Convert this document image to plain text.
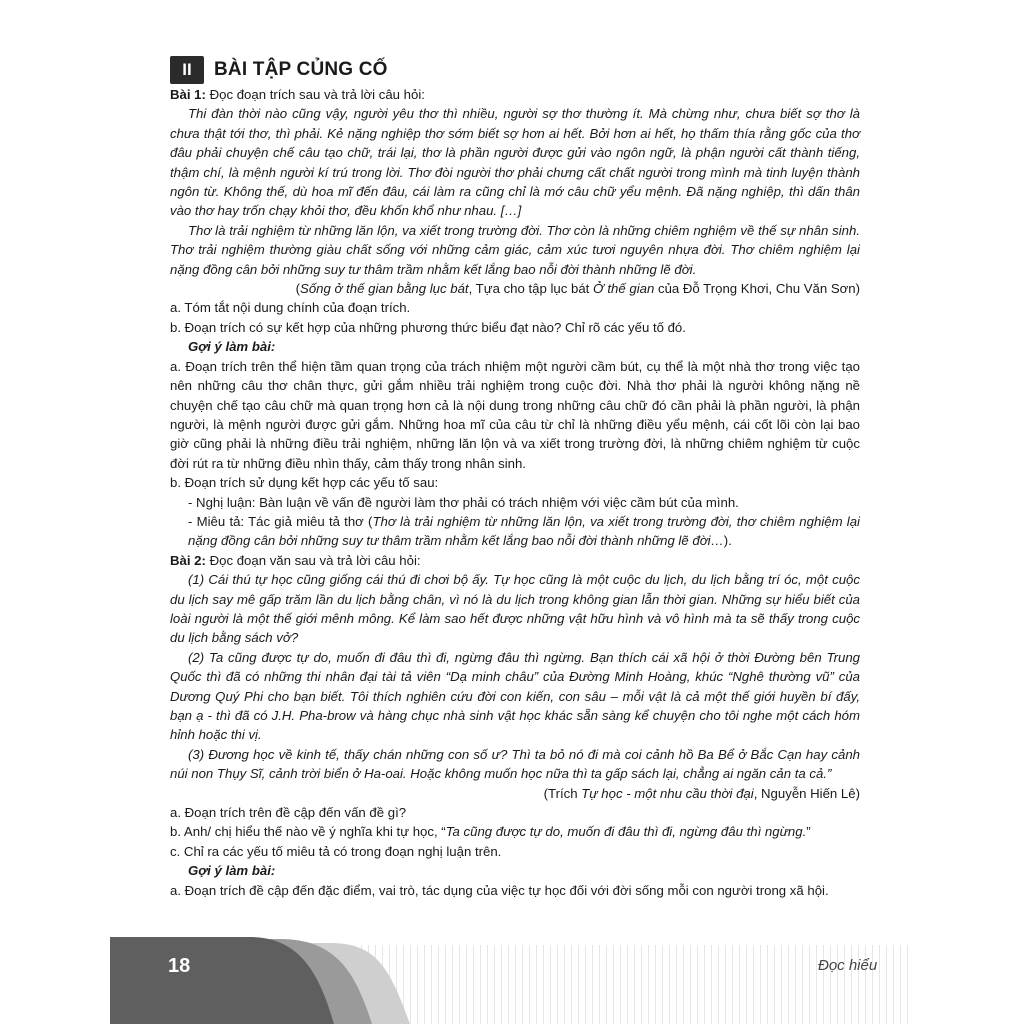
II	BÀI TẬP CỦNG CỐ

Bài 1: Đọc đoạn trích sau và trả lời câu hỏi:

Thi đàn thời nào cũng vậy, người yêu thơ thì nhiều, người sợ thơ thường ít. Mà chừng như, chưa biết sợ thơ là chưa thật tới thơ, thì phải. Kẻ nặng nghiệp thơ sớm biết sợ hơn ai hết. Bởi hơn ai hết, họ thấm thía rằng gốc của thơ đâu phải chuyện chế câu tạo chữ, trái lại, thơ là phần người được gửi vào ngôn ngữ, là phận người cất thành tiếng, thậm chí, là mệnh người kí trú trong lời. Thơ đòi người thơ phải chưng cất chất người trong mình mà tinh luyện thành ngôn từ. Không thế, dù hoa mĩ đến đâu, cái làm ra cũng chỉ là mớ câu chữ yểu mệnh. Đã nặng nghiệp, thì dấn thân vào thơ hay trốn chạy khỏi thơ, đều khốn khổ như nhau. […]

Thơ là trải nghiệm từ những lăn lộn, va xiết trong trường đời. Thơ còn là những chiêm nghiệm về thế sự nhân sinh. Thơ trải nghiệm thường giàu chất sống với những cảm giác, cảm xúc tươi nguyên nhựa đời. Thơ chiêm nghiệm lại nặng đồng cân bởi những suy tư thâm trầm nhằm kết lắng bao nỗi đời thành những lẽ đời.

(Sống ở thế gian bằng lục bát, Tựa cho tập lục bát Ở thế gian của Đỗ Trọng Khơi, Chu Văn Sơn)

a. Tóm tắt nội dung chính của đoạn trích.

b. Đoạn trích có sự kết hợp của những phương thức biểu đạt nào? Chỉ rõ các yếu tố đó.

Gợi ý làm bài:

a. Đoạn trích trên thể hiện tầm quan trọng của trách nhiệm một người cầm bút, cụ thể là một nhà thơ trong việc tạo nên những câu thơ chân thực, gửi gắm nhiều trải nghiệm trong cuộc đời. Nhà thơ phải là người không nặng nề chuyện chế tạo câu chữ mà quan trọng hơn cả là nội dung trong những câu chữ đó cần phải là phần người, là phận người, là mệnh người được gửi gắm. Những hoa mĩ của câu từ chỉ là những điều yểu mệnh, cái cốt lõi còn lại bao giờ cũng phải là những điều trải nghiệm, những lăn lộn và va xiết trong trường đời, là những chiêm nghiệm từ cuộc đời rút ra từ những điều nhìn thấy, cảm thấy trong nhân sinh.

b. Đoạn trích sử dụng kết hợp các yếu tố sau:

- Nghị luận: Bàn luận về vấn đề người làm thơ phải có trách nhiệm với việc cầm bút của mình.

- Miêu tả: Tác giả miêu tả thơ (Thơ là trải nghiệm từ những lăn lộn, va xiết trong trường đời, thơ chiêm nghiệm lại nặng đồng cân bởi những suy tư thâm trầm nhằm kết lắng bao nỗi đời thành những lẽ đời…).

Bài 2: Đọc đoạn văn sau và trả lời câu hỏi:

(1) Cái thú tự học cũng giống cái thú đi chơi bộ ấy. Tự học cũng là một cuộc du lịch, du lịch bằng trí óc, một cuộc du lịch say mê gấp trăm lần du lịch bằng chân, vì nó là du lịch trong không gian lẫn thời gian. Những sự hiểu biết của loài người là một thế giới mênh mông. Kể làm sao hết được những vật hữu hình và vô hình mà ta sẽ thấy trong cuộc du lịch bằng sách vở?

(2) Ta cũng được tự do, muốn đi đâu thì đi, ngừng đâu thì ngừng. Bạn thích cái xã hội ở thời Đường bên Trung Quốc thì đã có những thi nhân đại tài tả viên “Dạ minh châu” của Đường Minh Hoàng, khúc “Nghê thường vũ” của Dương Quý Phi cho bạn biết. Tôi thích nghiên cứu đời con kiến, con sâu – mỗi vật là cả một thế giới huyền bí đấy, bạn ạ - thì đã có J.H. Pha-brow và hàng chục nhà sinh vật học khác sẵn sàng kể chuyện cho tôi nghe một cách hóm hỉnh hoặc thi vị.

(3) Đương học về kinh tế, thấy chán những con số ư? Thì ta bỏ nó đi mà coi cảnh hồ Ba Bể ở Bắc Cạn hay cảnh núi non Thụy Sĩ, cảnh trời biển ở Ha-oai. Hoặc không muốn học nữa thì ta gấp sách lại, chẳng ai ngăn cản ta cả.”

(Trích Tự học - một nhu cầu thời đại, Nguyễn Hiến Lê)

a. Đoạn trích trên đề cập đến vấn đề gì?

b. Anh/ chị hiểu thế nào về ý nghĩa khi tự học, “Ta cũng được tự do, muốn đi đâu thì đi, ngừng đâu thì ngừng.”

c. Chỉ ra các yếu tố miêu tả có trong đoạn nghị luận trên.

Gợi ý làm bài:

a. Đoạn trích đề cập đến đặc điểm, vai trò, tác dụng của việc tự học đối với đời sống mỗi con người trong xã hội.

18	Đọc hiểu
